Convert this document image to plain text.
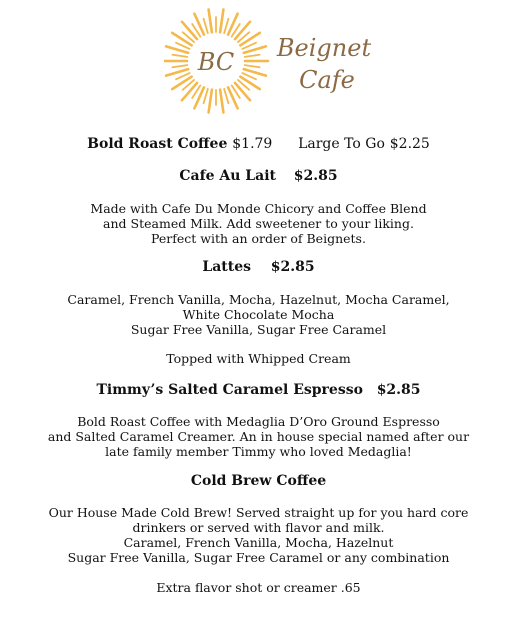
BC Beignet
Cafe
Bold Roast Coffee $1.79 Large To Go $2.25
Cafe Au Lait $2.85
Made with Cafe Du Monde Chicory and Coffee Blend
and Steamed Milk. Add sweetener to your liking.
Perfect with an order of Beignets.
Lattes $2.85
Caramel, French Vanilla, Mocha, Hazelnut, Mocha Caramel,
White Chocolate Mocha
Sugar Free Vanilla, Sugar Free Caramel
Topped with Whipped Cream
Timmy’s Salted Caramel Espresso $2.85
Bold Roast Coffee with Medaglia D’Oro Ground Espresso
and Salted Caramel Creamer. An in house special named after our
late family member Timmy who loved Medaglia!
Cold Brew Coffee
Our House Made Cold Brew! Served straight up for you hard core
drinkers or served with flavor and milk.
Caramel, French Vanilla, Mocha, Hazelnut
Sugar Free Vanilla, Sugar Free Caramel or any combination
Extra flavor shot or creamer .65
